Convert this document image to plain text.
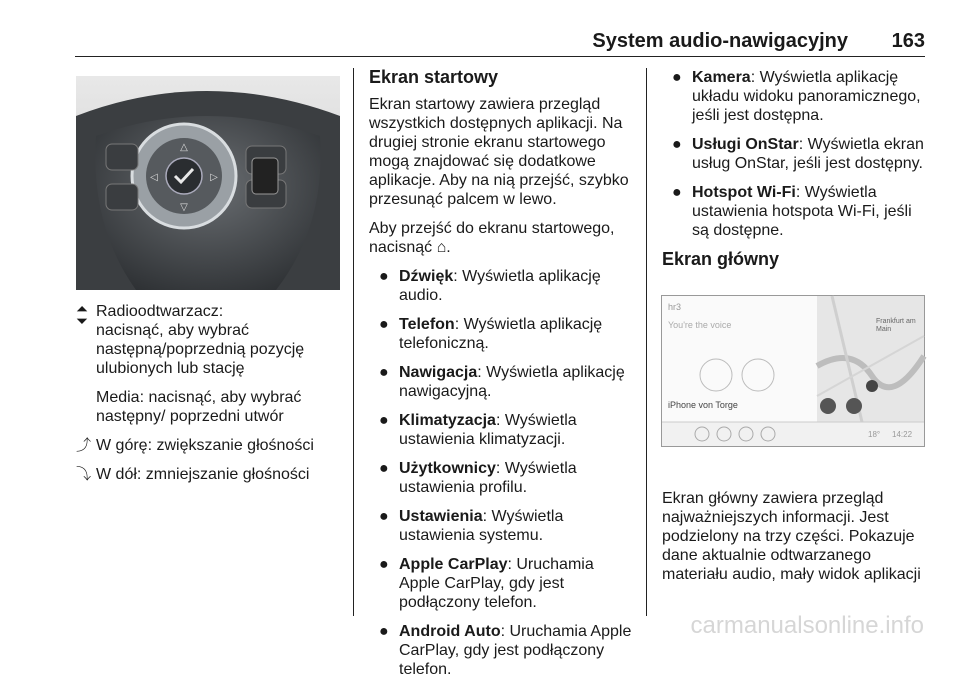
System audio-nawigacyjny 163
△
▽
◁	▷
⏶
⏷
Radioodtwarzacz:
nacisnąć, aby wybrać następną/poprzednią pozycję ulubionych lub stację

Media: nacisnąć, aby wybrać następny/ poprzedni utwór

⤴ W górę: zwiększanie głośności
⤵ W dół: zmniejszanie głośności
Ekran startowy

Ekran startowy zawiera przegląd wszystkich dostępnych aplikacji. Na drugiej stronie ekranu startowego mogą znajdować się dodatkowe aplikacje. Aby na nią przejść, szybko przesunąć palcem w lewo.

Aby przejść do ekranu startowego, nacisnąć ⌂.

● Dźwięk: Wyświetla aplikację audio.
● Telefon: Wyświetla aplikację telefoniczną.
● Nawigacja: Wyświetla aplikację nawigacyjną.
● Klimatyzacja: Wyświetla ustawienia klimatyzacji.
● Użytkownicy: Wyświetla ustawienia profilu.
● Ustawienia: Wyświetla ustawienia systemu.
● Apple CarPlay: Uruchamia Apple CarPlay, gdy jest podłączony telefon.
● Android Auto: Uruchamia Apple CarPlay, gdy jest podłączony telefon.
● Kamera: Wyświetla aplikację układu widoku panoramicznego, jeśli jest dostępna.
● Usługi OnStar: Wyświetla ekran usług OnStar, jeśli jest dostępny.
● Hotspot Wi-Fi: Wyświetla ustawienia hotspota Wi-Fi, jeśli są dostępne.
Ekran główny
hr3
You're the voice
iPhone von Torge
Frankfurt am Main
18° 14:22

Ekran główny zawiera przegląd najważniejszych informacji. Jest podzielony na trzy części. Pokazuje dane aktualnie odtwarzanego materiału audio, mały widok aplikacji

carmanualsonline.info
